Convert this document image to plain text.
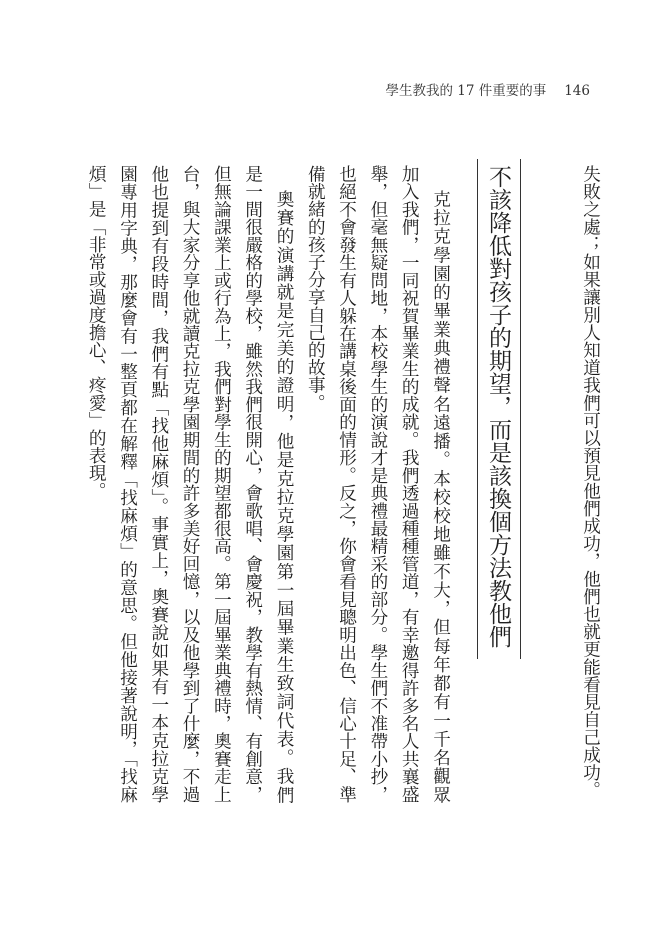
學生教我的 17 件重要的事 146
失敗之處；如果讓別人知道我們可以預見他們成功，他們也就更能看見自己成功。
不該降低對孩子的期望，而是該換個方法教他們
克拉克學園的畢業典禮聲名遠播。本校校地雖不大，但每年都有一千名觀眾
加入我們，一同祝賀畢業生的成就。我們透過種種管道，有幸邀得許多名人共襄盛
舉，但毫無疑問地，本校學生的演說才是典禮最精采的部分。學生們不准帶小抄，
也絕不會發生有人躲在講桌後面的情形。反之，你會看見聰明出色、信心十足、準
備就緒的孩子分享自己的故事。
奧賽的演講就是完美的證明，他是克拉克學園第一屆畢業生致詞代表。我們
是一間很嚴格的學校，雖然我們很開心，會歌唱、會慶祝，教學有熱情、有創意，
但無論課業上或行為上，我們對學生的期望都很高。第一屆畢業典禮時，奧賽走上
台，與大家分享他就讀克拉克學園期間的許多美好回憶，以及他學到了什麼，不過
他也提到有段時間，我們有點「找他麻煩」。事實上，奧賽說如果有一本克拉克學
園專用字典，那麼會有一整頁都在解釋「找麻煩」的意思。但他接著說明，「找麻
煩」是「非常或過度擔心、疼愛」的表現。
